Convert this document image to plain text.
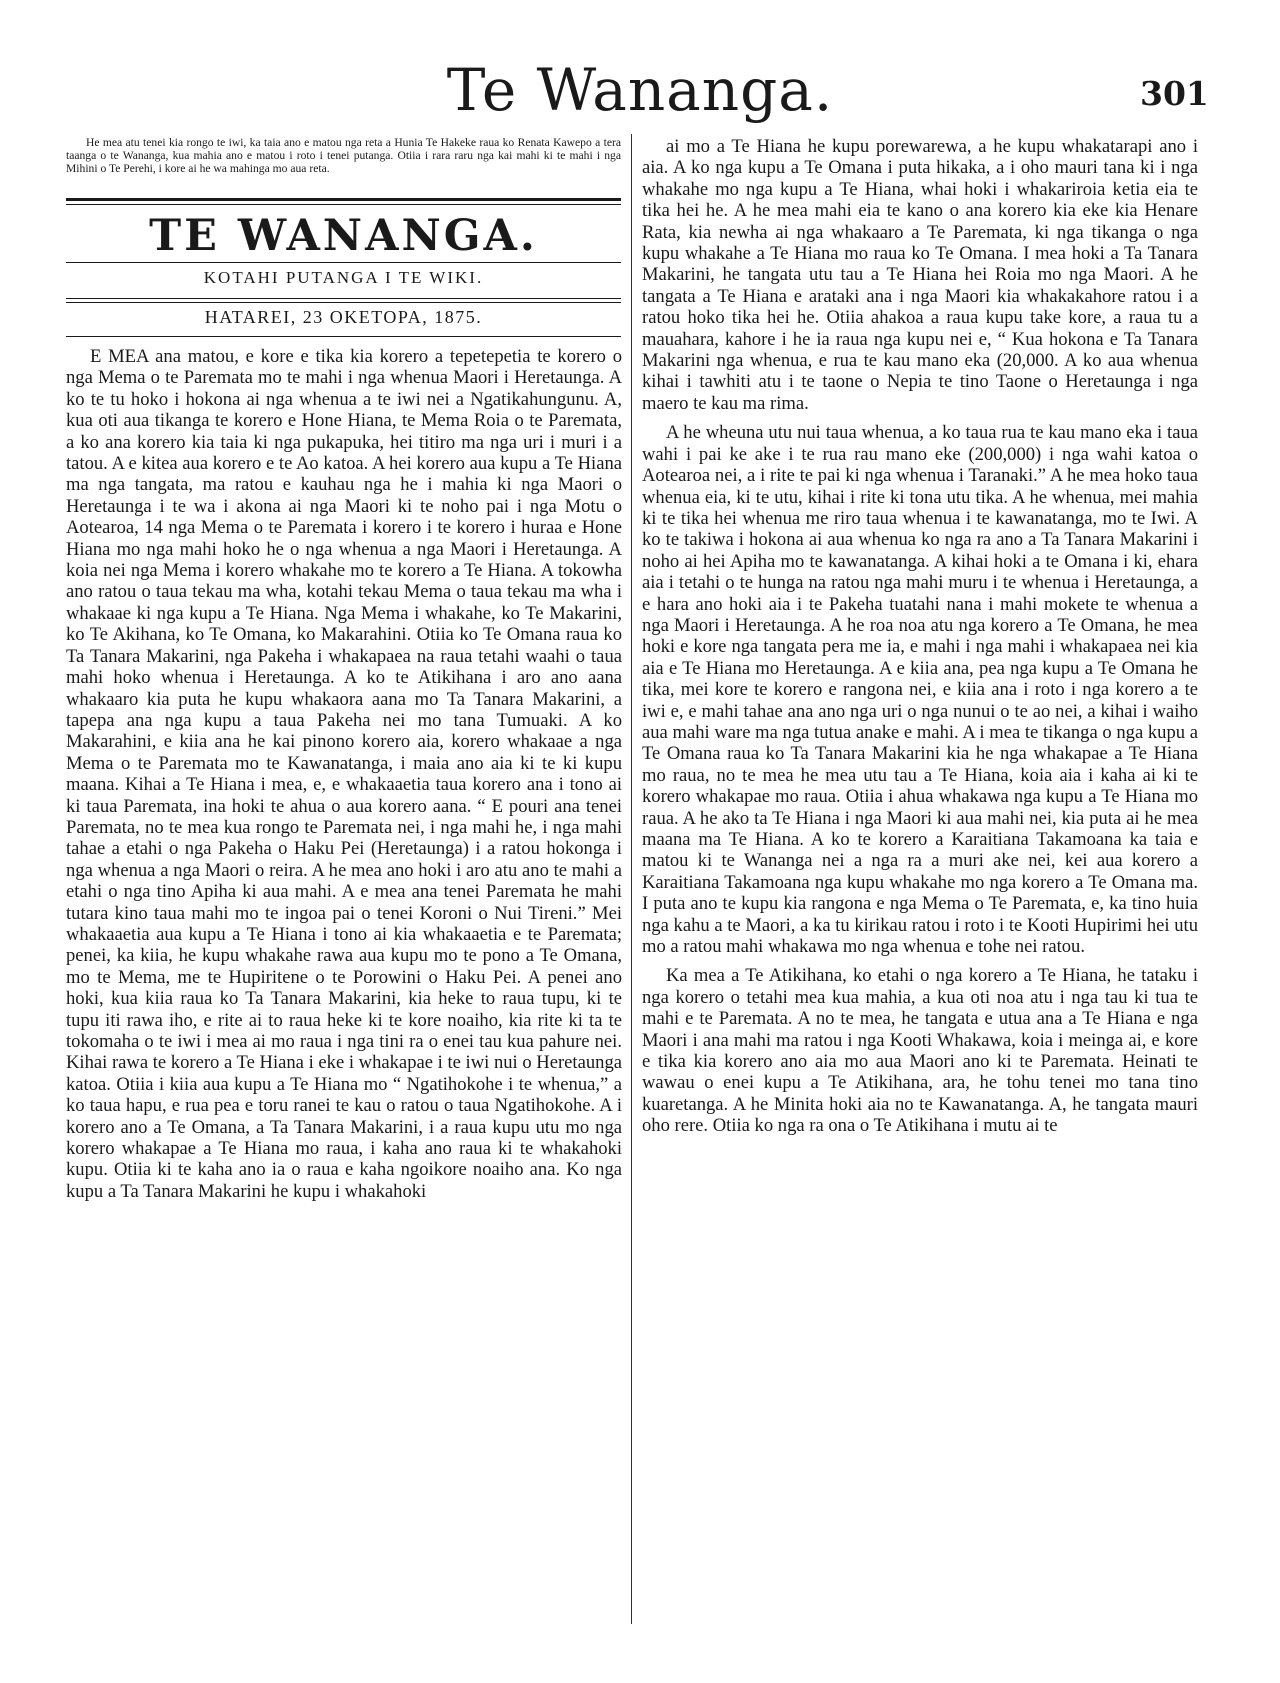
Te Wananga.	301
He mea atu tenei kia rongo te iwi, ka taia ano e matou nga reta a Hunia Te Hakeke raua ko Renata Kawepo a tera taanga o te Wananga, kua mahia ano e matou i roto i tenei putanga. Otiia i rara raru nga kai mahi ki te mahi i nga Mihini o Te Perehi, i kore ai he wa mahinga mo aua reta.
TE WANANGA.
KOTAHI PUTANGA I TE WIKI.
HATAREI, 23 OKETOPA, 1875.

E MEA ana matou, e kore e tika kia korero a tepetepetia te korero o nga Mema o te Paremata mo te mahi i nga whenua Maori i Heretaunga. A ko te tu hoko i hokona ai nga whenua a te iwi nei a Ngatikahungunu. A, kua oti aua tikanga te korero e Hone Hiana, te Mema Roia o te Paremata, a ko ana korero kia taia ki nga pukapuka, hei titiro ma nga uri i muri i a tatou. A e kitea aua korero e te Ao katoa. A hei korero aua kupu a Te Hiana ma nga tangata, ma ratou e kauhau nga he i mahia ki nga Maori o Heretaunga i te wa i akona ai nga Maori ki te noho pai i nga Motu o Aotearoa, 14 nga Mema o te Paremata i korero i te korero i huraa e Hone Hiana mo nga mahi hoko he o nga whenua a nga Maori i Heretaunga. A koia nei nga Mema i korero whakahe mo te korero a Te Hiana. A tokowha ano ratou o taua tekau ma wha, kotahi tekau Mema o taua tekau ma wha i whakaae ki nga kupu a Te Hiana. Nga Mema i whakahe, ko Te Makarini, ko Te Akihana, ko Te Omana, ko Makarahini. Otiia ko Te Omana raua ko Ta Tanara Makarini, nga Pakeha i whakapaea na raua tetahi waahi o taua mahi hoko whenua i Heretaunga. A ko te Atikihana i aro ano aana whakaaro kia puta he kupu whakaora aana mo Ta Tanara Makarini, a tapepa ana nga kupu a taua Pakeha nei mo tana Tumuaki. A ko Makarahini, e kiia ana he kai pinono korero aia, korero whakaae a nga Mema o te Paremata mo te Kawanatanga, i maia ano aia ki te ki kupu maana. Kihai a Te Hiana i mea, e, e whakaaetia taua korero ana i tono ai ki taua Paremata, ina hoki te ahua o aua korero aana. “ E pouri ana tenei Paremata, no te mea kua rongo te Paremata nei, i nga mahi he, i nga mahi tahae a etahi o nga Pakeha o Haku Pei (Heretaunga) i a ratou hokonga i nga whenua a nga Maori o reira. A he mea ano hoki i aro atu ano te mahi a etahi o nga tino Apiha ki aua mahi. A e mea ana tenei Paremata he mahi tutara kino taua mahi mo te ingoa pai o tenei Koroni o Nui Tireni.” Mei whakaaetia aua kupu a Te Hiana i tono ai kia whakaaetia e te Paremata; penei, ka kiia, he kupu whakahe rawa aua kupu mo te pono a Te Omana, mo te Mema, me te Hupiritene o te Porowini o Haku Pei. A penei ano hoki, kua kiia raua ko Ta Tanara Makarini, kia heke to raua tupu, ki te tupu iti rawa iho, e rite ai to raua heke ki te kore noaiho, kia rite ki ta te tokomaha o te iwi i mea ai mo raua i nga tini ra o enei tau kua pahure nei. Kihai rawa te korero a Te Hiana i eke i whakapae i te iwi nui o Heretaunga katoa. Otiia i kiia aua kupu a Te Hiana mo “ Ngatihokohe i te whenua,” a ko taua hapu, e rua pea e toru ranei te kau o ratou o taua Ngatihokohe. A i korero ano a Te Omana, a Ta Tanara Makarini, i a raua kupu utu mo nga korero whakapae a Te Hiana mo raua, i kaha ano raua ki te whakahoki kupu. Otiia ki te kaha ano ia o raua e kaha ngoikore noaiho ana. Ko nga kupu a Ta Tanara Makarini he kupu i whakahoki

ai mo a Te Hiana he kupu porewarewa, a he kupu whakatarapi ano i aia. A ko nga kupu a Te Omana i puta hikaka, a i oho mauri tana ki i nga whakahe mo nga kupu a Te Hiana, whai hoki i whakariroia ketia eia te tika hei he. A he mea mahi eia te kano o ana korero kia eke kia Henare Rata, kia newha ai nga whakaaro a Te Paremata, ki nga tikanga o nga kupu whakahe a Te Hiana mo raua ko Te Omana. I mea hoki a Ta Tanara Makarini, he tangata utu tau a Te Hiana hei Roia mo nga Maori. A he tangata a Te Hiana e arataki ana i nga Maori kia whakakahore ratou i a ratou hoko tika hei he. Otiia ahakoa a raua kupu take kore, a raua tu a mauahara, kahore i he ia raua nga kupu nei e, “ Kua hokona e Ta Tanara Makarini nga whenua, e rua te kau mano eka (20,000. A ko aua whenua kihai i tawhiti atu i te taone o Nepia te tino Taone o Heretaunga i nga maero te kau ma rima.

A he wheuna utu nui taua whenua, a ko taua rua te kau mano eka i taua wahi i pai ke ake i te rua rau mano eke (200,000) i nga wahi katoa o Aotearoa nei, a i rite te pai ki nga whenua i Taranaki.” A he mea hoko taua whenua eia, ki te utu, kihai i rite ki tona utu tika. A he whenua, mei mahia ki te tika hei whenua me riro taua whenua i te kawanatanga, mo te Iwi. A ko te takiwa i hokona ai aua whenua ko nga ra ano a Ta Tanara Makarini i noho ai hei Apiha mo te kawanatanga. A kihai hoki a te Omana i ki, ehara aia i tetahi o te hunga na ratou nga mahi muru i te whenua i Heretaunga, a e hara ano hoki aia i te Pakeha tuatahi nana i mahi mokete te whenua a nga Maori i Heretaunga. A he roa noa atu nga korero a Te Omana, he mea hoki e kore nga tangata pera me ia, e mahi i nga mahi i whakapaea nei kia aia e Te Hiana mo Heretaunga. A e kiia ana, pea nga kupu a Te Omana he tika, mei kore te korero e rangona nei, e kiia ana i roto i nga korero a te iwi e, e mahi tahae ana ano nga uri o nga nunui o te ao nei, a kihai i waiho aua mahi ware ma nga tutua anake e mahi. A i mea te tikanga o nga kupu a Te Omana raua ko Ta Tanara Makarini kia he nga whakapae a Te Hiana mo raua, no te mea he mea utu tau a Te Hiana, koia aia i kaha ai ki te korero whakapae mo raua. Otiia i ahua whakawa nga kupu a Te Hiana mo raua. A he ako ta Te Hiana i nga Maori ki aua mahi nei, kia puta ai he mea maana ma Te Hiana. A ko te korero a Karaitiana Takamoana ka taia e matou ki te Wananga nei a nga ra a muri ake nei, kei aua korero a Karaitiana Takamoana nga kupu whakahe mo nga korero a Te Omana ma. I puta ano te kupu kia rangona e nga Mema o Te Paremata, e, ka tino huia nga kahu a te Maori, a ka tu kirikau ratou i roto i te Kooti Hupirimi hei utu mo a ratou mahi whakawa mo nga whenua e tohe nei ratou.

Ka mea a Te Atikihana, ko etahi o nga korero a Te Hiana, he tataku i nga korero o tetahi mea kua mahia, a kua oti noa atu i nga tau ki tua te mahi e te Paremata. A no te mea, he tangata e utua ana a Te Hiana e nga Maori i ana mahi ma ratou i nga Kooti Whakawa, koia i meinga ai, e kore e tika kia korero ano aia mo aua Maori ano ki te Paremata. Heinati te wawau o enei kupu a Te Atikihana, ara, he tohu tenei mo tana tino kuaretanga. A he Minita hoki aia no te Kawanatanga. A, he tangata mauri oho rere. Otiia ko nga ra ona o Te Atikihana i mutu ai te
